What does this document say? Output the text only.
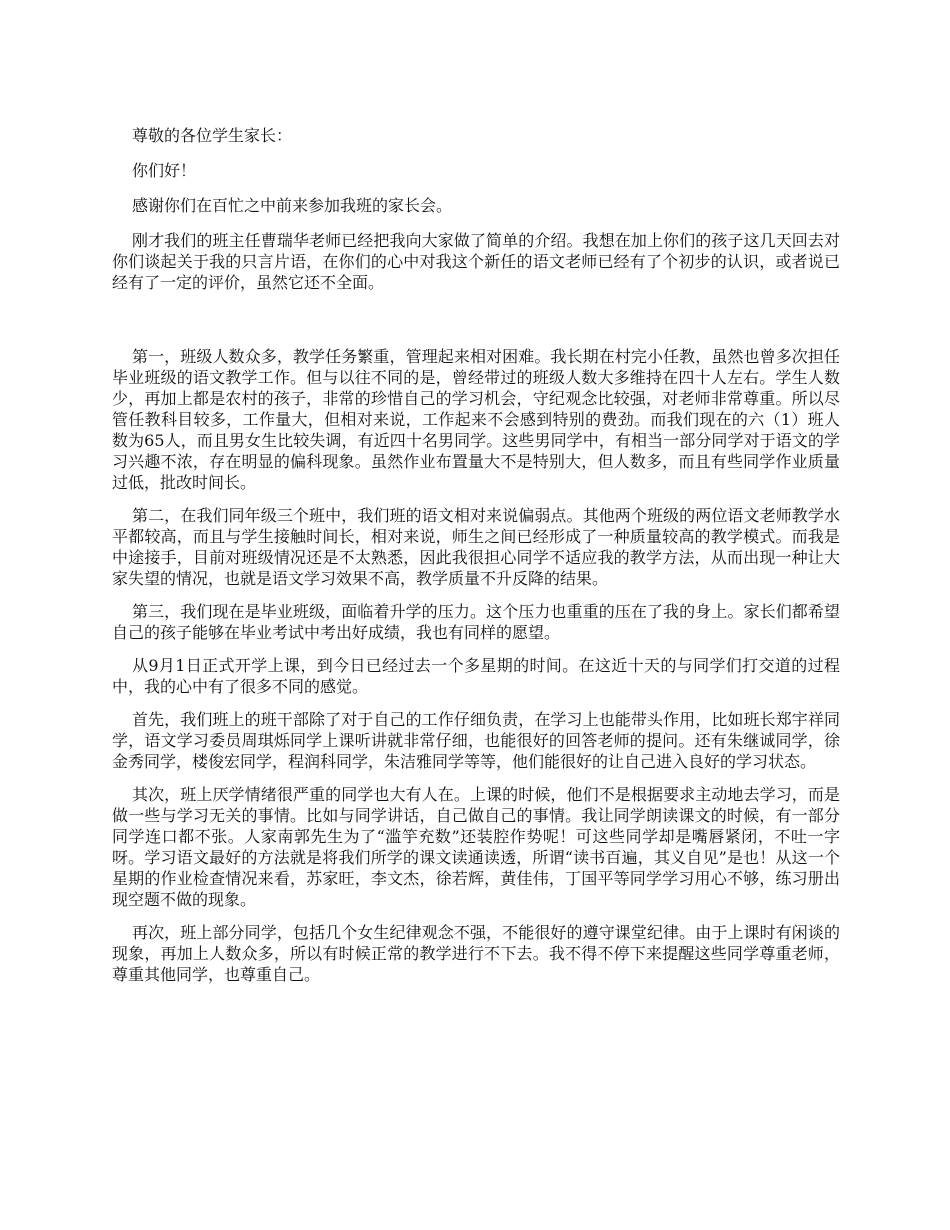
尊敬的各位学生家长：

你们好！

感谢你们在百忙之中前来参加我班的家长会。

刚才我们的班主任曹瑞华老师已经把我向大家做了简单的介绍。我想在加上你们的孩子这几天回去对你们谈起关于我的只言片语，在你们的心中对我这个新任的语文老师已经有了个初步的认识，或者说已经有了一定的评价，虽然它还不全面。

第一，班级人数众多，教学任务繁重，管理起来相对困难。我长期在村完小任教，虽然也曾多次担任毕业班级的语文教学工作。但与以往不同的是，曾经带过的班级人数大多维持在四十人左右。学生人数少，再加上都是农村的孩子，非常的珍惜自己的学习机会，守纪观念比较强，对老师非常尊重。所以尽管任教科目较多，工作量大，但相对来说，工作起来不会感到特别的费劲。而我们现在的六（1）班人数为65人，而且男女生比较失调，有近四十名男同学。这些男同学中，有相当一部分同学对于语文的学习兴趣不浓，存在明显的偏科现象。虽然作业布置量大不是特别大，但人数多，而且有些同学作业质量过低，批改时间长。

第二，在我们同年级三个班中，我们班的语文相对来说偏弱点。其他两个班级的两位语文老师教学水平都较高，而且与学生接触时间长，相对来说，师生之间已经形成了一种质量较高的教学模式。而我是中途接手，目前对班级情况还是不太熟悉，因此我很担心同学不适应我的教学方法，从而出现一种让大家失望的情况，也就是语文学习效果不高，教学质量不升反降的结果。

第三，我们现在是毕业班级，面临着升学的压力。这个压力也重重的压在了我的身上。家长们都希望自己的孩子能够在毕业考试中考出好成绩，我也有同样的愿望。

从9月1日正式开学上课，到今日已经过去一个多星期的时间。在这近十天的与同学们打交道的过程中，我的心中有了很多不同的感觉。

首先，我们班上的班干部除了对于自己的工作仔细负责，在学习上也能带头作用，比如班长郑宇祥同学，语文学习委员周琪烁同学上课听讲就非常仔细，也能很好的回答老师的提问。还有朱继诚同学，徐金秀同学，楼俊宏同学，程润科同学，朱洁雅同学等等，他们能很好的让自己进入良好的学习状态。

其次，班上厌学情绪很严重的同学也大有人在。上课的时候，他们不是根据要求主动地去学习，而是做一些与学习无关的事情。比如与同学讲话，自己做自己的事情。我让同学朗读课文的时候，有一部分同学连口都不张。人家南郭先生为了“滥竽充数”还装腔作势呢！可这些同学却是嘴唇紧闭，不吐一字呀。学习语文最好的方法就是将我们所学的课文读通读透，所谓“读书百遍，其义自见”是也！从这一个星期的作业检查情况来看，苏家旺，李文杰，徐若辉，黄佳伟，丁国平等同学学习用心不够，练习册出现空题不做的现象。

再次，班上部分同学，包括几个女生纪律观念不强，不能很好的遵守课堂纪律。由于上课时有闲谈的现象，再加上人数众多，所以有时候正常的教学进行不下去。我不得不停下来提醒这些同学尊重老师，尊重其他同学，也尊重自己。
